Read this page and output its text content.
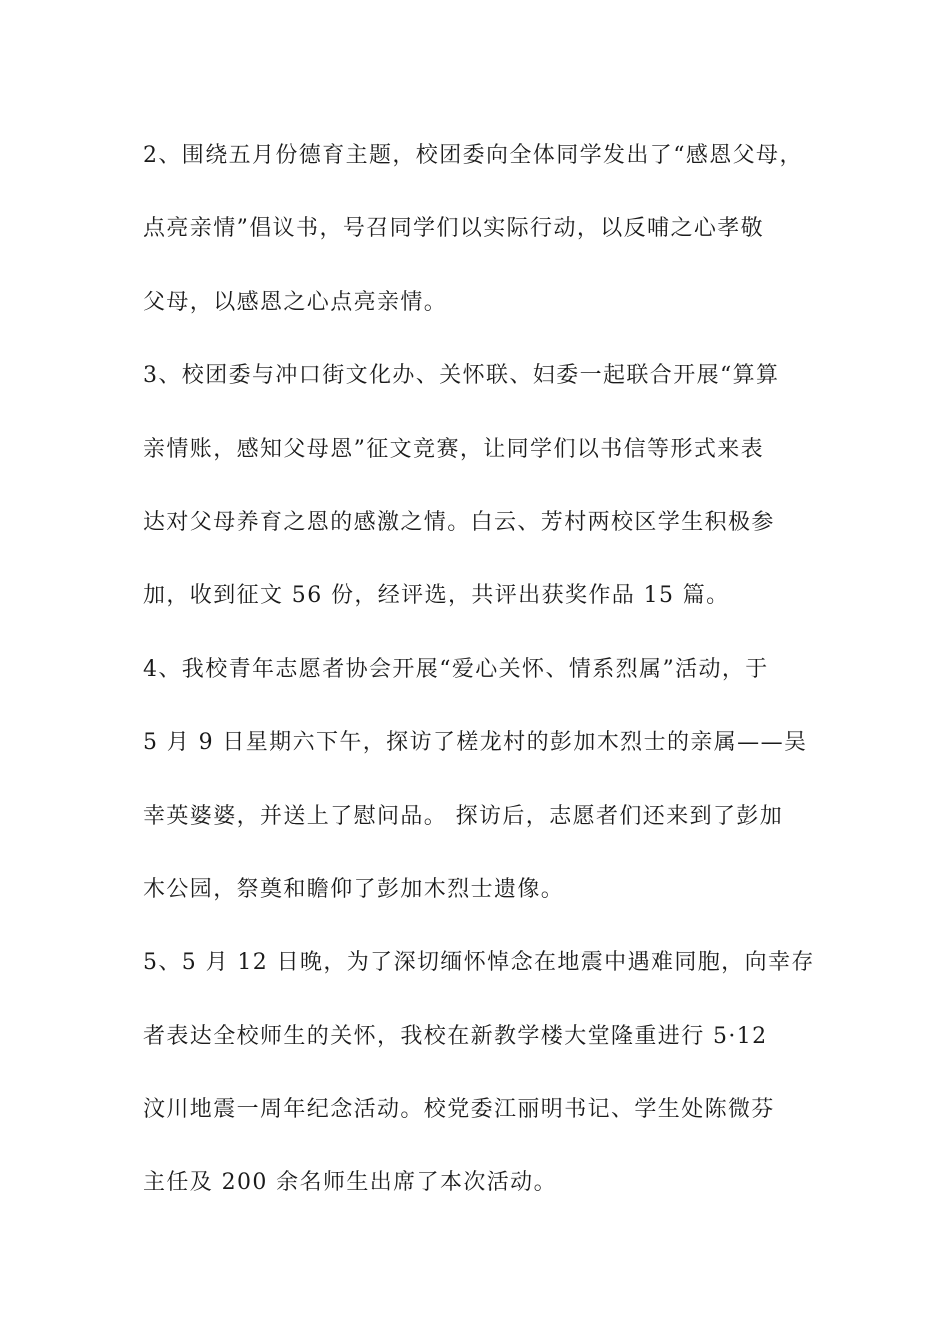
2、围绕五月份德育主题，校团委向全体同学发出了“感恩父母，
点亮亲情”倡议书，号召同学们以实际行动，以反哺之心孝敬
父母，以感恩之心点亮亲情。
3、校团委与冲口街文化办、关怀联、妇委一起联合开展“算算
亲情账，感知父母恩”征文竞赛，让同学们以书信等形式来表
达对父母养育之恩的感激之情。白云、芳村两校区学生积极参
加，收到征文 56 份，经评选，共评出获奖作品 15 篇。
4、我校青年志愿者协会开展“爱心关怀、情系烈属”活动，于
5 月 9 日星期六下午，探访了槎龙村的彭加木烈士的亲属——吴
幸英婆婆，并送上了慰问品。 探访后，志愿者们还来到了彭加
木公园，祭奠和瞻仰了彭加木烈士遗像。
5、5 月 12 日晚，为了深切缅怀悼念在地震中遇难同胞，向幸存
者表达全校师生的关怀，我校在新教学楼大堂隆重进行 5·12
汶川地震一周年纪念活动。校党委江丽明书记、学生处陈微芬
主任及 200 余名师生出席了本次活动。
